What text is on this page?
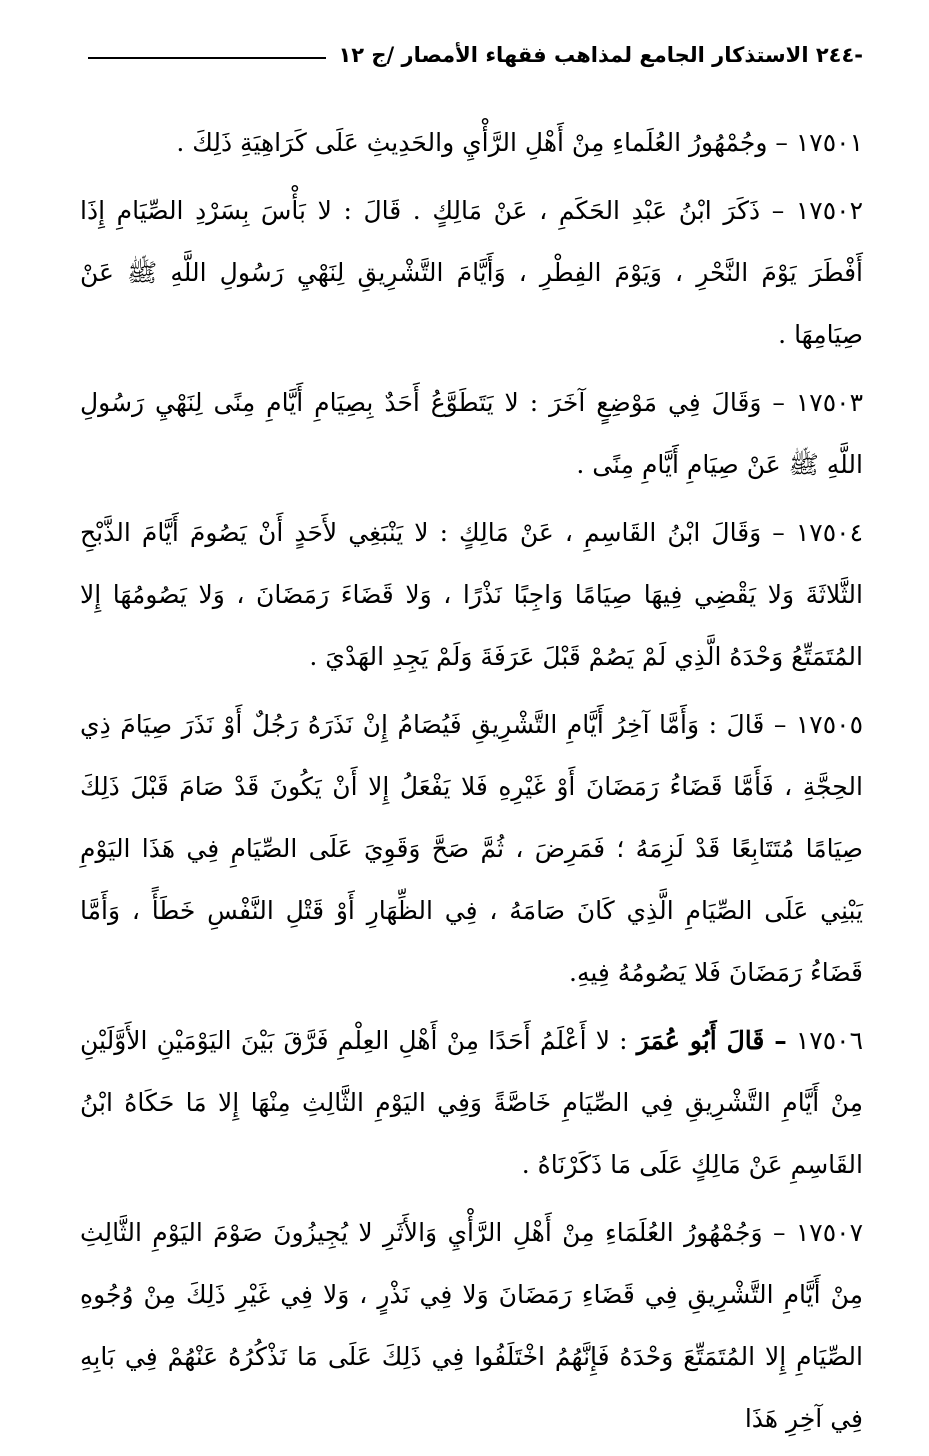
-٢٤٤ الاستذكار الجامع لمذاهب فقهاء الأمصار /ج ١٢

١٧٥٠١ – وجُمْهُورُ العُلَماءِ مِنْ أَهْلِ الرَّأْيِ والحَدِيثِ عَلَى كَرَاهِيَةِ ذَلِكَ .

١٧٥٠٢ – ذَكَرَ ابْنُ عَبْدِ الحَكَمِ ، عَنْ مَالِكٍ . قَالَ : لا بَأْسَ بِسَرْدِ الصِّيَامِ إِذَا أَفْطَرَ يَوْمَ النَّحْرِ ، وَيَوْمَ الفِطْرِ ، وَأَيَّامَ التَّشْرِيقِ لِنَهْيِ رَسُولِ اللَّهِ ﷺ عَنْ صِيَامِهَا .

١٧٥٠٣ – وَقَالَ فِي مَوْضِعٍ آخَرَ : لا يَتَطَوَّعُ أَحَدٌ بِصِيَامِ أَيَّامِ مِنًى لِنَهْيِ رَسُولِ اللَّهِ ﷺ عَنْ صِيَامِ أَيَّامِ مِنًى .

١٧٥٠٤ – وَقَالَ ابْنُ القَاسِمِ ، عَنْ مَالِكٍ : لا يَنْبَغِي لأَحَدٍ أَنْ يَصُومَ أَيَّامَ الذَّبْحِ الثَّلاثَةَ وَلا يَقْضِي فِيهَا صِيَامًا وَاجِبًا نَذْرًا ، وَلا قَضَاءَ رَمَضَانَ ، وَلا يَصُومُهَا إِلا المُتَمَتِّعُ وَحْدَهُ الَّذِي لَمْ يَصُمْ قَبْلَ عَرَفَةَ وَلَمْ يَجِدِ الهَدْيَ .

١٧٥٠٥ – قَالَ : وَأَمَّا آخِرُ أَيَّامِ التَّشْرِيقِ فَيُصَامُ إِنْ نَذَرَهُ رَجُلٌ أَوْ نَذَرَ صِيَامَ ذِي الحِجَّةِ ، فَأَمَّا قَضَاءُ رَمَضَانَ أَوْ غَيْرِهِ فَلا يَفْعَلُ إِلا أَنْ يَكُونَ قَدْ صَامَ قَبْلَ ذَلِكَ صِيَامًا مُتَتَابِعًا قَدْ لَزِمَهُ ؛ فَمَرِضَ ، ثُمَّ صَحَّ وَقَوِيَ عَلَى الصِّيَامِ فِي هَذَا اليَوْمِ يَبْنِي عَلَى الصِّيَامِ الَّذِي كَانَ صَامَهُ ، فِي الظِّهَارِ أَوْ قَتْلِ النَّفْسِ خَطَأً ، وَأَمَّا قَضَاءُ رَمَضَانَ فَلا يَصُومُهُ فِيهِ.

١٧٥٠٦ – قَالَ أَبُو عُمَرَ : لا أَعْلَمُ أَحَدًا مِنْ أَهْلِ العِلْمِ فَرَّقَ بَيْنَ اليَوْمَيْنِ الأَوَّلَيْنِ مِنْ أَيَّامِ التَّشْرِيقِ فِي الصِّيَامِ خَاصَّةً وَفِي اليَوْمِ الثَّالِثِ مِنْهَا إِلا مَا حَكَاهُ ابْنُ القَاسِمِ عَنْ مَالِكٍ عَلَى مَا ذَكَرْنَاهُ .

١٧٥٠٧ – وَجُمْهُورُ العُلَمَاءِ مِنْ أَهْلِ الرَّأْيِ وَالأَثَرِ لا يُجِيزُونَ صَوْمَ اليَوْمِ الثَّالِثِ مِنْ أَيَّامِ التَّشْرِيقِ فِي قَضَاءِ رَمَضَانَ وَلا فِي نَذْرٍ ، وَلا فِي غَيْرِ ذَلِكَ مِنْ وُجُوهِ الصِّيَامِ إِلا المُتَمَتِّعَ وَحْدَهُ فَإِنَّهُمُ اخْتَلَفُوا فِي ذَلِكَ عَلَى مَا نَذْكُرُهُ عَنْهُمْ فِي بَابِهِ فِي آخِرِ هَذَا
